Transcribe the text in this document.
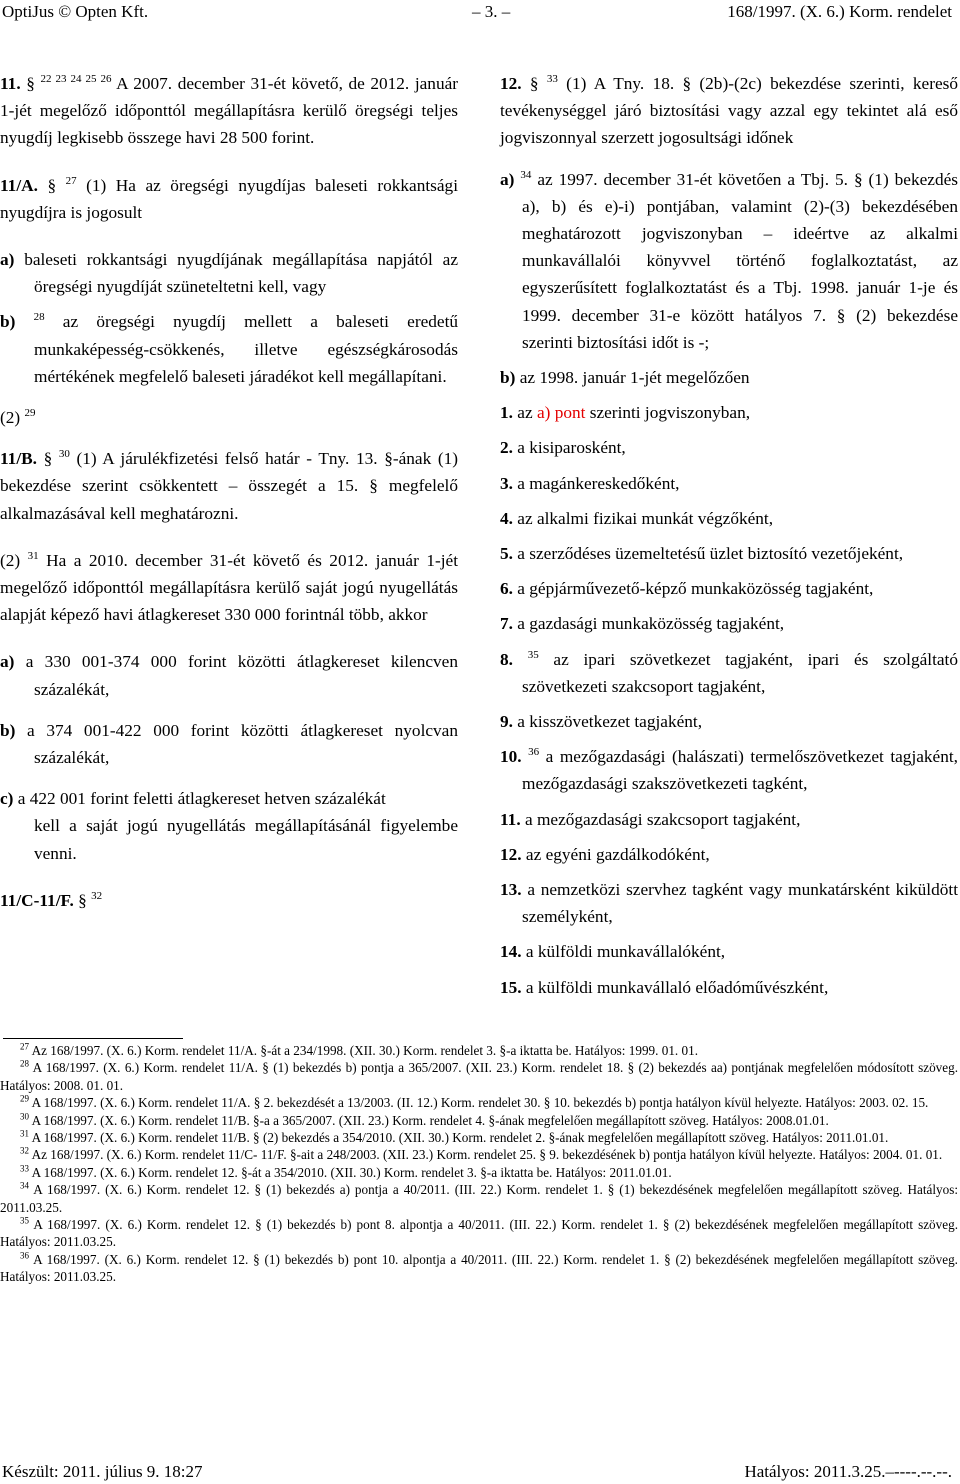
OptiJus © Opten Kft.	– 3. –	168/1997. (X. 6.) Korm. rendelet

11. § $^{22 23 24 25 26}$ A 2007. december 31-ét követő, de 2012. január 1-jét megelőző időponttól megállapításra kerülő öregségi teljes nyugdíj legkisebb összege havi 28 500 forint.

11/A. § $^{27}$ (1) Ha az öregségi nyugdíjas baleseti rokkantsági nyugdíjra is jogosult

a) baleseti rokkantsági nyugdíjának megállapítása napjától az öregségi nyugdíját szüneteltetni kell, vagy

b) $^{28}$ az öregségi nyugdíj mellett a baleseti eredetű munkaképesség-csökkenés, illetve egészségkárosodás mértékének megfelelő baleseti járadékot kell megállapítani.

(2) $^{29}$

11/B. § $^{30}$ (1) A járulékfizetési felső határ - Tny. 13. §-ának (1) bekezdése szerint csökkentett – összegét a 15. § megfelelő alkalmazásával kell meghatározni.

(2) $^{31}$ Ha a 2010. december 31-ét követő és 2012. január 1-jét megelőző időponttól megállapításra kerülő saját jogú nyugellátás alapját képező havi átlagkereset 330 000 forintnál több, akkor

a) a 330 001-374 000 forint közötti átlagkereset kilencven százalékát,

b) a 374 001-422 000 forint közötti átlagkereset nyolcvan százalékát,

c) a 422 001 forint feletti átlagkereset hetven százalékát

kell a saját jogú nyugellátás megállapításánál figyelembe venni.

11/C-11/F. § $^{32}$

12. § $^{33}$ (1) A Tny. 18. § (2b)-(2c) bekezdése szerinti, kereső tevékenységgel járó biztosítási vagy azzal egy tekintet alá eső jogviszonnyal szerzett jogosultsági időnek

a) $^{34}$ az 1997. december 31-ét követően a Tbj. 5. § (1) bekezdés a), b) és e)-i) pontjában, valamint (2)-(3) bekezdésében meghatározott jogviszonyban – ideértve az alkalmi munkavállalói könyvvel történő foglalkoztatást, az egyszerűsített foglalkoztatást és a Tbj. 1998. január 1-je és 1999. december 31-e között hatályos 7. § (2) bekezdése szerinti biztosítási időt is -;

b) az 1998. január 1-jét megelőzően

1. az a) pont szerinti jogviszonyban,

2. a kisiparosként,

3. a magánkereskedőként,

4. az alkalmi fizikai munkát végzőként,

5. a szerződéses üzemeltetésű üzlet biztosító vezetőjeként,

6. a gépjárművezető-képző munkaközösség tagjaként,

7. a gazdasági munkaközösség tagjaként,

8. $^{35}$ az ipari szövetkezet tagjaként, ipari és szolgáltató szövetkezeti szakcsoport tagjaként,

9. a kisszövetkezet tagjaként,

10. $^{36}$ a mezőgazdasági (halászati) termelőszövetkezet tagjaként, mezőgazdasági szakszövetkezeti tagként,

11. a mezőgazdasági szakcsoport tagjaként,

12. az egyéni gazdálkodóként,

13. a nemzetközi szervhez tagként vagy munkatársként kiküldött személyként,

14. a külföldi munkavállalóként,

15. a külföldi munkavállaló előadóművészként,

$^{27}$ Az 168/1997. (X. 6.) Korm. rendelet 11/A. §-át a 234/1998. (XII. 30.) Korm. rendelet 3. §-a iktatta be. Hatályos: 1999. 01. 01.

$^{28}$ A 168/1997. (X. 6.) Korm. rendelet 11/A. § (1) bekezdés b) pontja a 365/2007. (XII. 23.) Korm. rendelet 18. § (2) bekezdés aa) pontjának megfelelően módosított szöveg. Hatályos: 2008. 01. 01.

$^{29}$ A 168/1997. (X. 6.) Korm. rendelet 11/A. § 2. bekezdését a 13/2003. (II. 12.) Korm. rendelet 30. § 10. bekezdés b) pontja hatályon kívül helyezte. Hatályos: 2003. 02. 15.

$^{30}$ A 168/1997. (X. 6.) Korm. rendelet 11/B. §-a a 365/2007. (XII. 23.) Korm. rendelet 4. §-ának megfelelően megállapított szöveg. Hatályos: 2008.01.01.

$^{31}$ A 168/1997. (X. 6.) Korm. rendelet 11/B. § (2) bekezdés a 354/2010. (XII. 30.) Korm. rendelet 2. §-ának megfelelően megállapított szöveg. Hatályos: 2011.01.01.

$^{32}$ Az 168/1997. (X. 6.) Korm. rendelet 11/C- 11/F. §-ait a 248/2003. (XII. 23.) Korm. rendelet 25. § 9. bekezdésének b) pontja hatályon kívül helyezte. Hatályos: 2004. 01. 01.

$^{33}$ A 168/1997. (X. 6.) Korm. rendelet 12. §-át a 354/2010. (XII. 30.) Korm. rendelet 3. §-a iktatta be. Hatályos: 2011.01.01.

$^{34}$ A 168/1997. (X. 6.) Korm. rendelet 12. § (1) bekezdés a) pontja a 40/2011. (III. 22.) Korm. rendelet 1. § (1) bekezdésének megfelelően megállapított szöveg. Hatályos: 2011.03.25.

$^{35}$ A 168/1997. (X. 6.) Korm. rendelet 12. § (1) bekezdés b) pont 8. alpontja a 40/2011. (III. 22.) Korm. rendelet 1. § (2) bekezdésének megfelelően megállapított szöveg. Hatályos: 2011.03.25.

$^{36}$ A 168/1997. (X. 6.) Korm. rendelet 12. § (1) bekezdés b) pont 10. alpontja a 40/2011. (III. 22.) Korm. rendelet 1. § (2) bekezdésének megfelelően megállapított szöveg. Hatályos: 2011.03.25.

Készült: 2011. július 9. 18:27	Hatályos: 2011.3.25.–----.--.--.
